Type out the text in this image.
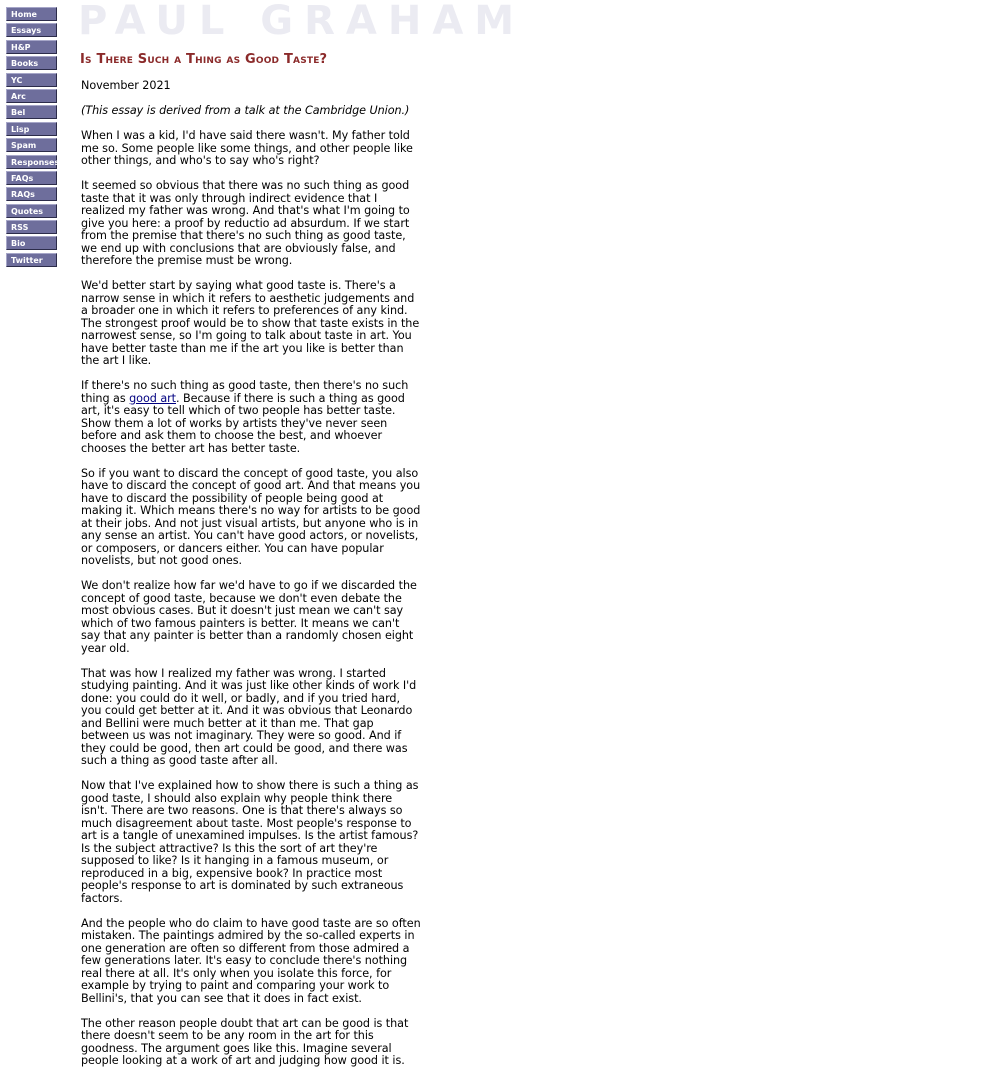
Home
Essays
H&P
Books
YC
Arc
Bel
Lisp
Spam
Responses
FAQs
RAQs
Quotes
RSS
Bio
Twitter
PAUL GRAHAM
Is There Such a Thing as Good Taste?

November 2021

(This essay is derived from a talk at the Cambridge Union.)

When I was a kid, I'd have said there wasn't. My father told me so. Some people like some things, and other people like other things, and who's to say who's right?

It seemed so obvious that there was no such thing as good taste that it was only through indirect evidence that I realized my father was wrong. And that's what I'm going to give you here: a proof by reductio ad absurdum. If we start from the premise that there's no such thing as good taste, we end up with conclusions that are obviously false, and therefore the premise must be wrong.

We'd better start by saying what good taste is. There's a narrow sense in which it refers to aesthetic judgements and a broader one in which it refers to preferences of any kind. The strongest proof would be to show that taste exists in the narrowest sense, so I'm going to talk about taste in art. You have better taste than me if the art you like is better than the art I like.

If there's no such thing as good taste, then there's no such thing as good art. Because if there is such a thing as good art, it's easy to tell which of two people has better taste. Show them a lot of works by artists they've never seen before and ask them to choose the best, and whoever chooses the better art has better taste.

So if you want to discard the concept of good taste, you also have to discard the concept of good art. And that means you have to discard the possibility of people being good at making it. Which means there's no way for artists to be good at their jobs. And not just visual artists, but anyone who is in any sense an artist. You can't have good actors, or novelists, or composers, or dancers either. You can have popular novelists, but not good ones.

We don't realize how far we'd have to go if we discarded the concept of good taste, because we don't even debate the most obvious cases. But it doesn't just mean we can't say which of two famous painters is better. It means we can't say that any painter is better than a randomly chosen eight year old.

That was how I realized my father was wrong. I started studying painting. And it was just like other kinds of work I'd done: you could do it well, or badly, and if you tried hard, you could get better at it. And it was obvious that Leonardo and Bellini were much better at it than me. That gap between us was not imaginary. They were so good. And if they could be good, then art could be good, and there was such a thing as good taste after all.

Now that I've explained how to show there is such a thing as good taste, I should also explain why people think there isn't. There are two reasons. One is that there's always so much disagreement about taste. Most people's response to art is a tangle of unexamined impulses. Is the artist famous? Is the subject attractive? Is this the sort of art they're supposed to like? Is it hanging in a famous museum, or reproduced in a big, expensive book? In practice most people's response to art is dominated by such extraneous factors.

And the people who do claim to have good taste are so often mistaken. The paintings admired by the so-called experts in one generation are often so different from those admired a few generations later. It's easy to conclude there's nothing real there at all. It's only when you isolate this force, for example by trying to paint and comparing your work to Bellini's, that you can see that it does in fact exist.

The other reason people doubt that art can be good is that there doesn't seem to be any room in the art for this goodness. The argument goes like this. Imagine several people looking at a work of art and judging how good it is.
